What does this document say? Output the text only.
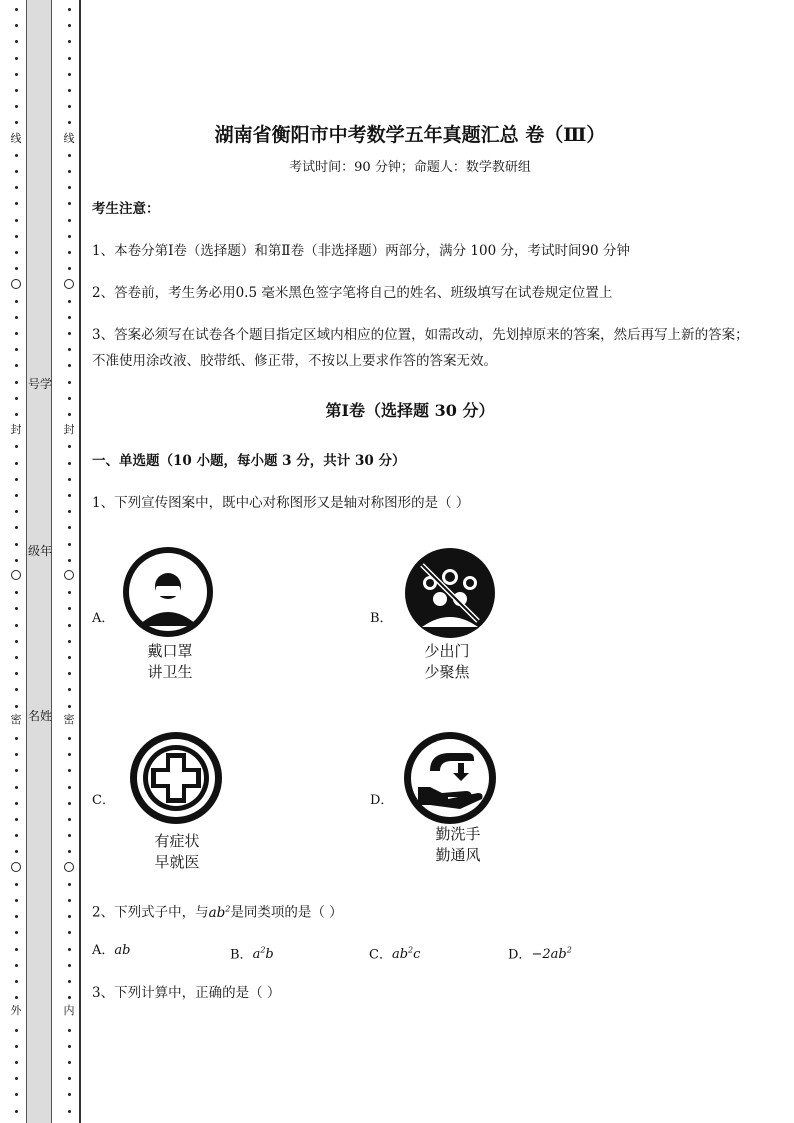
线
封
密
外
号学
级年
名姓
线
封
密
内
湖南省衡阳市中考数学五年真题汇总 卷（Ⅲ）
考试时间：90 分钟；命题人：数学教研组
考生注意：
1、本卷分第Ⅰ卷（选择题）和第Ⅱ卷（非选择题）两部分，满分 100 分，考试时间90 分钟
2、答卷前，考生务必用0.5 毫米黑色签字笔将自己的姓名、班级填写在试卷规定位置上
3、答案必须写在试卷各个题目指定区域内相应的位置，如需改动，先划掉原来的答案，然后再写上新的答案；不准使用涂改液、胶带纸、修正带，不按以上要求作答的答案无效。
第Ⅰ卷（选择题 30 分）
一、单选题（10 小题，每小题 3 分，共计 30 分）
1、下列宣传图案中，既中心对称图形又是轴对称图形的是（ ）
A．
戴口罩
讲卫生
B．
少出门
少聚焦
C．
有症状
早就医
D．
勤洗手
勤通风
2、下列式子中，与$ab^2$是同类项的是（ ）
A．ab	B．$a^2b$	C．$ab^2c$	D．$-2ab^2$
3、下列计算中，正确的是（ ）
